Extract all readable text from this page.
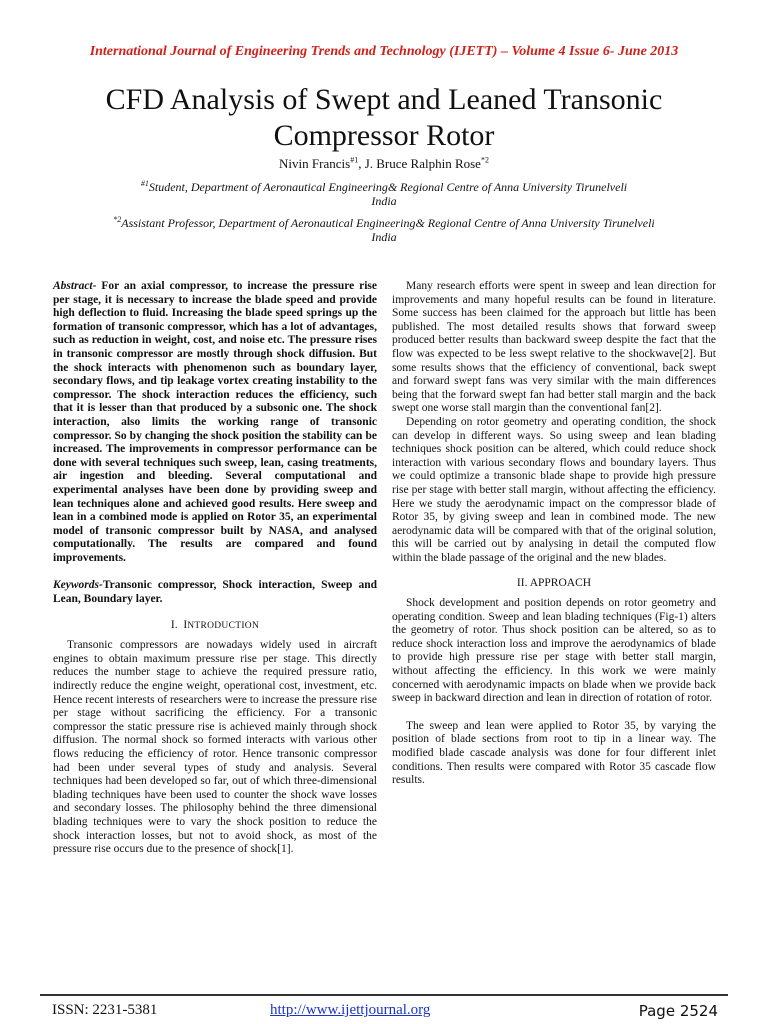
International Journal of Engineering Trends and Technology (IJETT) – Volume 4 Issue 6- June 2013
CFD Analysis of Swept and Leaned Transonic Compressor Rotor
Nivin Francis$^{\#1}$, J. Bruce Ralphin Rose$^{*2}$
$^{\#1}$Student, Department of Aeronautical Engineering& Regional Centre of Anna University Tirunelveli
India
$^{*2}$Assistant Professor, Department of Aeronautical Engineering& Regional Centre of Anna University Tirunelveli
India

Abstract- For an axial compressor, to increase the pressure rise per stage, it is necessary to increase the blade speed and provide high deflection to fluid. Increasing the blade speed springs up the formation of transonic compressor, which has a lot of advantages, such as reduction in weight, cost, and noise etc. The pressure rises in transonic compressor are mostly through shock diffusion. But the shock interacts with phenomenon such as boundary layer, secondary flows, and tip leakage vortex creating instability to the compressor. The shock interaction reduces the efficiency, such that it is lesser than that produced by a subsonic one. The shock interaction, also limits the working range of transonic compressor. So by changing the shock position the stability can be increased. The improvements in compressor performance can be done with several techniques such sweep, lean, casing treatments, air ingestion and bleeding. Several computational and experimental analyses have been done by providing sweep and lean techniques alone and achieved good results. Here sweep and lean in a combined mode is applied on Rotor 35, an experimental model of transonic compressor built by NASA, and analysed computationally. The results are compared and found improvements.

Keywords-Transonic compressor, Shock interaction, Sweep and Lean, Boundary layer.

I. INTRODUCTION

Transonic compressors are nowadays widely used in aircraft engines to obtain maximum pressure rise per stage. This directly reduces the number stage to achieve the required pressure ratio, indirectly reduce the engine weight, operational cost, investment, etc. Hence recent interests of researchers were to increase the pressure rise per stage without sacrificing the efficiency. For a transonic compressor the static pressure rise is achieved mainly through shock diffusion. The normal shock so formed interacts with various other flows reducing the efficiency of rotor. Hence transonic compressor had been under several types of study and analysis. Several techniques had been developed so far, out of which three-dimensional blading techniques have been used to counter the shock wave losses and secondary losses. The philosophy behind the three dimensional blading techniques were to vary the shock position to reduce the shock interaction losses, but not to avoid shock, as most of the pressure rise occurs due to the presence of shock[1].

Many research efforts were spent in sweep and lean direction for improvements and many hopeful results can be found in literature. Some success has been claimed for the approach but little has been published. The most detailed results shows that forward sweep produced better results than backward sweep despite the fact that the flow was expected to be less swept relative to the shockwave[2]. But some results shows that the efficiency of conventional, back swept and forward swept fans was very similar with the main differences being that the forward swept fan had better stall margin and the back swept one worse stall margin than the conventional fan[2].

Depending on rotor geometry and operating condition, the shock can develop in different ways. So using sweep and lean blading techniques shock position can be altered, which could reduce shock interaction with various secondary flows and boundary layers. Thus we could optimize a transonic blade shape to provide high pressure rise per stage with better stall margin, without affecting the efficiency. Here we study the aerodynamic impact on the compressor blade of Rotor 35, by giving sweep and lean in combined mode. The new aerodynamic data will be compared with that of the original solution, this will be carried out by analysing in detail the computed flow within the blade passage of the original and the new blades.

II. APPROACH

Shock development and position depends on rotor geometry and operating condition. Sweep and lean blading techniques (Fig-1) alters the geometry of rotor. Thus shock position can be altered, so as to reduce shock interaction loss and improve the aerodynamics of blade to provide high pressure rise per stage with better stall margin, without affecting the efficiency. In this work we were mainly concerned with aerodynamic impacts on blade when we provide back sweep in backward direction and lean in direction of rotation of rotor.

The sweep and lean were applied to Rotor 35, by varying the position of blade sections from root to tip in a linear way. The modified blade cascade analysis was done for four different inlet conditions. Then results were compared with Rotor 35 cascade flow results.

ISSN: 2231-5381	http://www.ijettjournal.org	Page 2524
